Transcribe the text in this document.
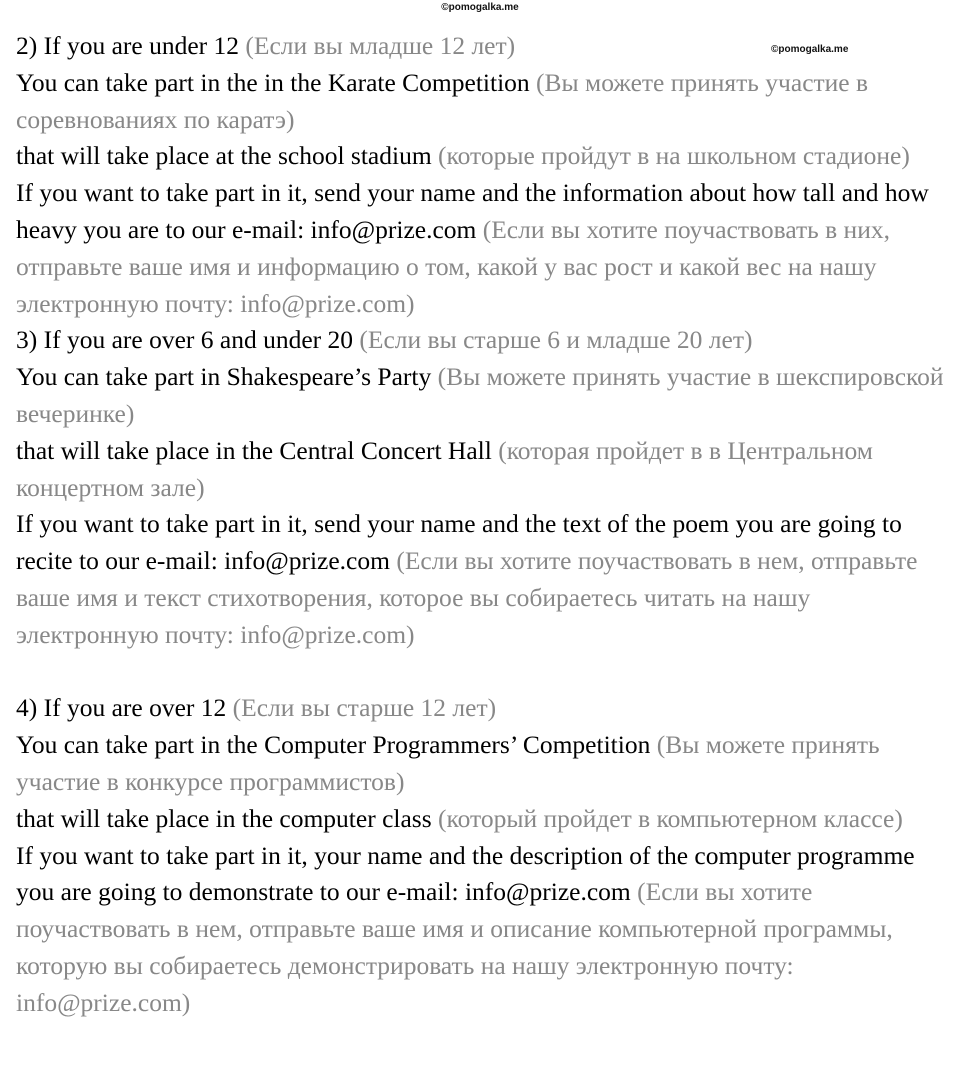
©pomogalka.me
©pomogalka.me

2) If you are under 12 (Если вы младше 12 лет)

You can take part in the in the Karate Competition (Вы можете принять участие в соревнованиях по каратэ)

that will take place at the school stadium (которые пройдут в на школьном стадионе)

If you want to take part in it, send your name and the information about how tall and how heavy you are to our e-mail: info@prize.com (Если вы хотите поучаствовать в них, отправьте ваше имя и информацию о том, какой у вас рост и какой вес на нашу электронную почту: info@prize.com)

3) If you are over 6 and under 20 (Если вы старше 6 и младше 20 лет)

You can take part in Shakespeare’s Party (Вы можете принять участие в шекспировской вечеринке)

that will take place in the Central Concert Hall (которая пройдет в в Центральном концертном зале)

If you want to take part in it, send your name and the text of the poem you are going to recite to our e-mail: info@prize.com (Если вы хотите поучаствовать в нем, отправьте ваше имя и текст стихотворения, которое вы собираетесь читать на нашу электронную почту: info@prize.com)

4) If you are over 12 (Если вы старше 12 лет)

You can take part in the Computer Programmers’ Competition (Вы можете принять участие в конкурсе программистов)

that will take place in the computer class (который пройдет в компьютерном классе)

If you want to take part in it, your name and the description of the computer programme you are going to demonstrate to our e-mail: info@prize.com (Если вы хотите поучаствовать в нем, отправьте ваше имя и описание компьютерной программы, которую вы собираетесь демонстрировать на нашу электронную почту: info@prize.com)
